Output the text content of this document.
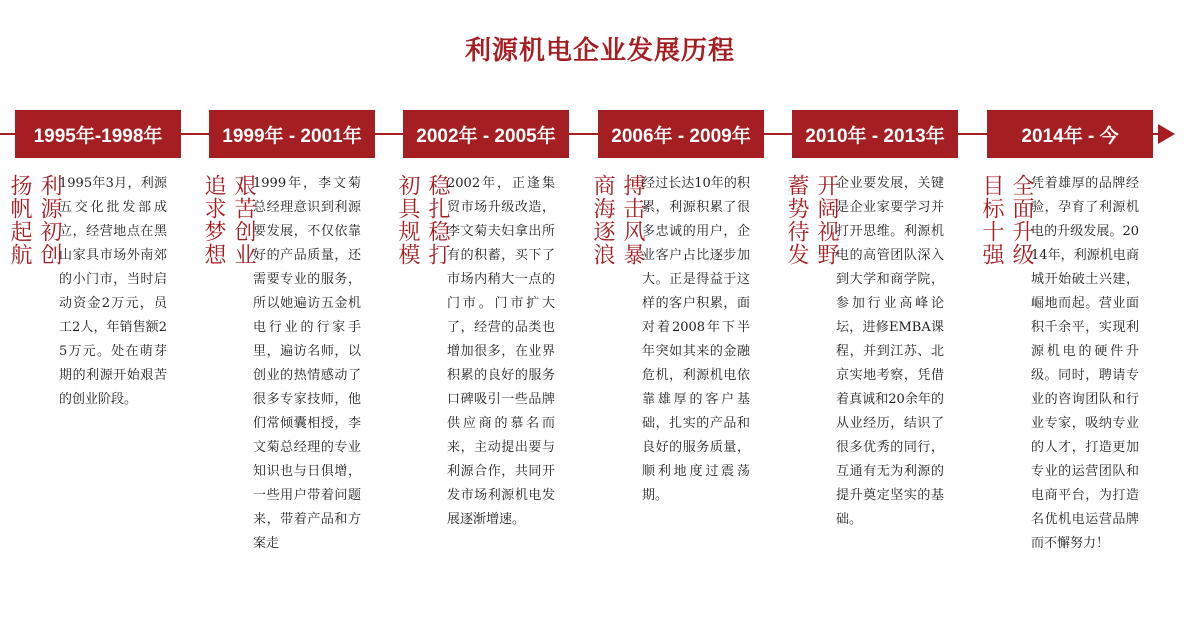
利源机电企业发展历程
1995年-1998年
利源初创
扬帆起航 1995年3月，利源五交化批发部成立，经营地点在黑山家具市场外南郊的小门市，当时启动资金2万元，员工2人，年销售额25万元。处在萌芽期的利源开始艰苦的创业阶段。
1999年 - 2001年
艰苦创业
追求梦想 1999年，李文菊总经理意识到利源要发展，不仅依靠好的产品质量，还需要专业的服务，所以她遍访五金机电行业的行家手里，遍访名师，以创业的热情感动了很多专家技师，他们常倾囊相授，李文菊总经理的专业知识也与日俱增，一些用户带着问题来，带着产品和方案走
2002年 - 2005年
稳扎稳打
初具规模 2002年，正逢集贸市场升级改造，李文菊夫妇拿出所有的积蓄，买下了市场内稍大一点的门市。门市扩大了，经营的品类也增加很多，在业界积累的良好的服务口碑吸引一些品牌供应商的慕名而来，主动提出要与利源合作，共同开发市场利源机电发展逐渐增速。
2006年 - 2009年
搏击风暴
商海逐浪 经过长达10年的积累，利源积累了很多忠诚的用户，企业客户占比逐步加大。正是得益于这样的客户积累，面对着2008年下半年突如其来的金融危机，利源机电依靠雄厚的客户基础，扎实的产品和良好的服务质量，顺利地度过震荡期。
2010年 - 2013年
开阔视野
蓄势待发 企业要发展，关键是企业家要学习并打开思维。利源机电的高管团队深入到大学和商学院，参加行业高峰论坛，进修EMBA课程，并到江苏、北京实地考察，凭借着真诚和20余年的从业经历，结识了很多优秀的同行，互通有无为利源的提升奠定坚实的基础。
2014年 - 今
全面升级
目标十强 凭着雄厚的品牌经验，孕育了利源机电的升级发展。2014年，利源机电商城开始破土兴建，崛地而起。营业面积千余平，实现利源机电的硬件升级。同时，聘请专业的咨询团队和行业专家，吸纳专业的人才，打造更加专业的运营团队和电商平台，为打造名优机电运营品牌而不懈努力！
